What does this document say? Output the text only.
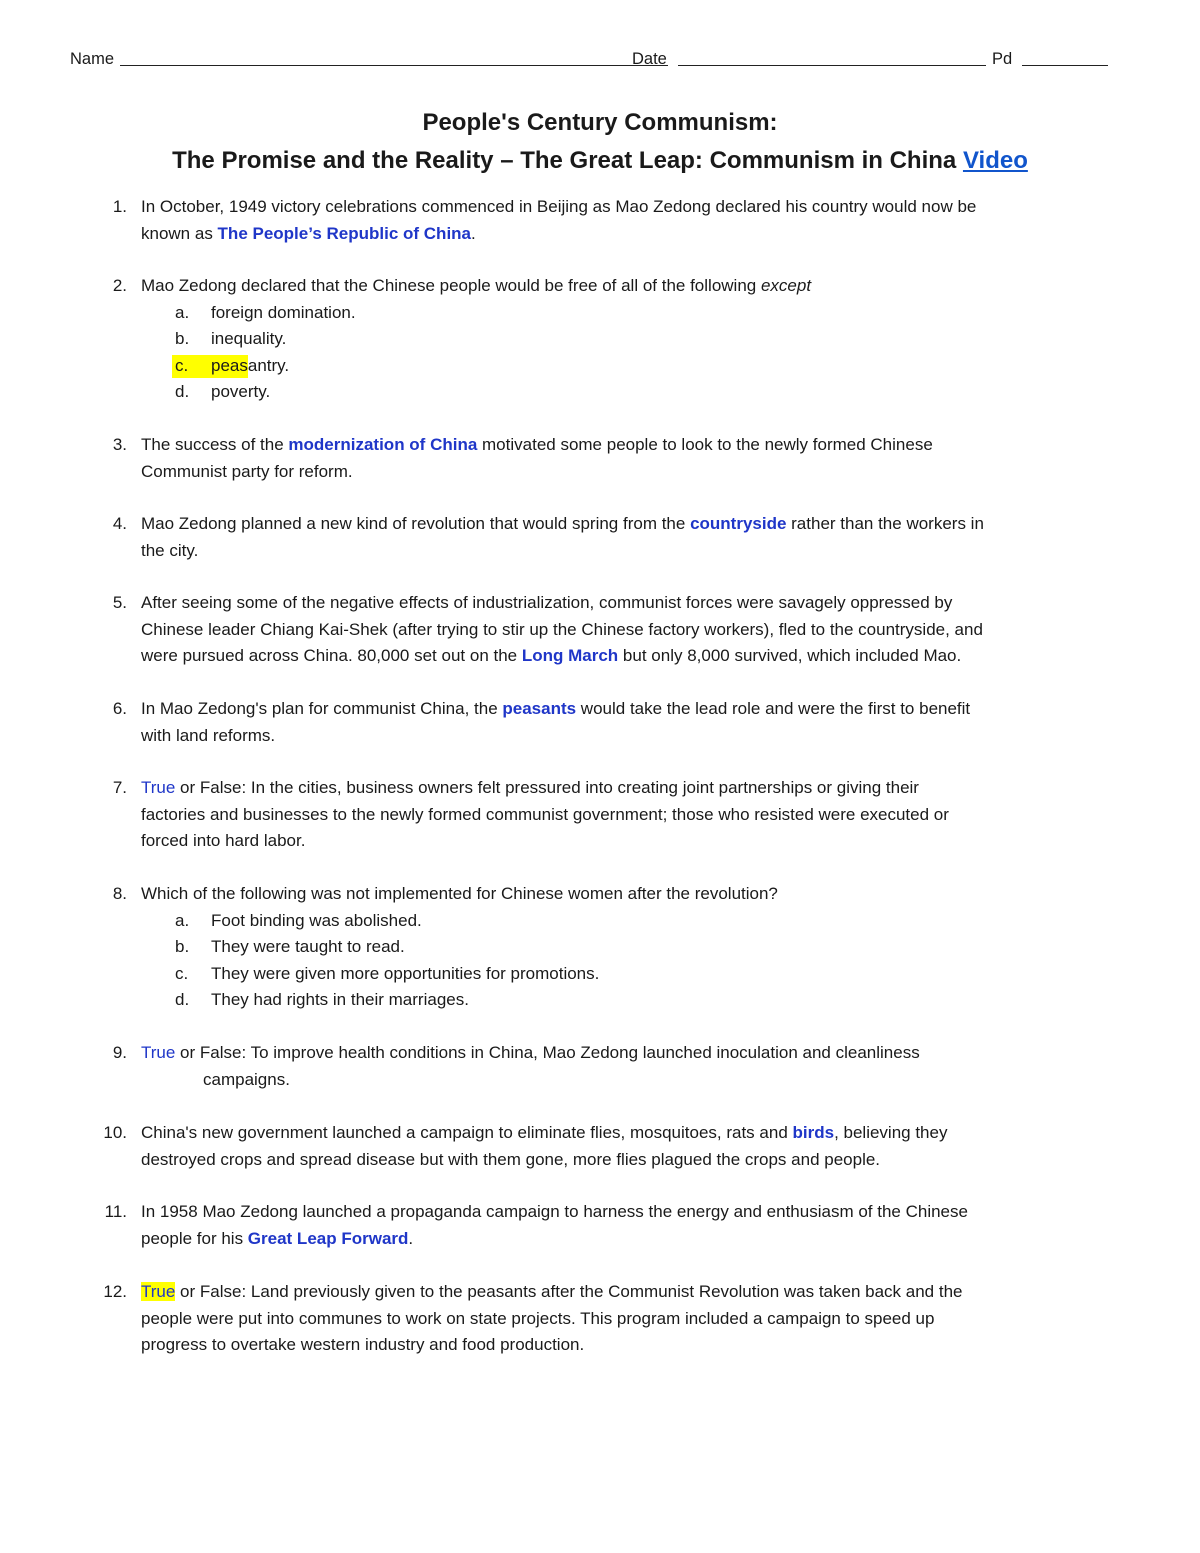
Name	Date	Pd
People's Century Communism:
The Promise and the Reality – The Great Leap: Communism in China Video
1. In October, 1949 victory celebrations commenced in Beijing as Mao Zedong declared his country would now be
known as The People’s Republic of China.
2. Mao Zedong declared that the Chinese people would be free of all of the following except
a. foreign domination.
b. inequality.
c. peasantry.
d. poverty.
3. The success of the modernization of China motivated some people to look to the newly formed Chinese
Communist party for reform.
4. Mao Zedong planned a new kind of revolution that would spring from the countryside rather than the workers in
the city.
5. After seeing some of the negative effects of industrialization, communist forces were savagely oppressed by
Chinese leader Chiang Kai-Shek (after trying to stir up the Chinese factory workers), fled to the countryside, and
were pursued across China. 80,000 set out on the Long March but only 8,000 survived, which included Mao.
6. In Mao Zedong's plan for communist China, the peasants would take the lead role and were the first to benefit
with land reforms.
7. True or False: In the cities, business owners felt pressured into creating joint partnerships or giving their
factories and businesses to the newly formed communist government; those who resisted were executed or
forced into hard labor.
8. Which of the following was not implemented for Chinese women after the revolution?
a. Foot binding was abolished.
b. They were taught to read.
c. They were given more opportunities for promotions.
d. They had rights in their marriages.
9. True or False: To improve health conditions in China, Mao Zedong launched inoculation and cleanliness
campaigns.
10. China's new government launched a campaign to eliminate flies, mosquitoes, rats and birds, believing they
destroyed crops and spread disease but with them gone, more flies plagued the crops and people.
11. In 1958 Mao Zedong launched a propaganda campaign to harness the energy and enthusiasm of the Chinese
people for his Great Leap Forward.
12. True or False: Land previously given to the peasants after the Communist Revolution was taken back and the
people were put into communes to work on state projects. This program included a campaign to speed up
progress to overtake western industry and food production.
